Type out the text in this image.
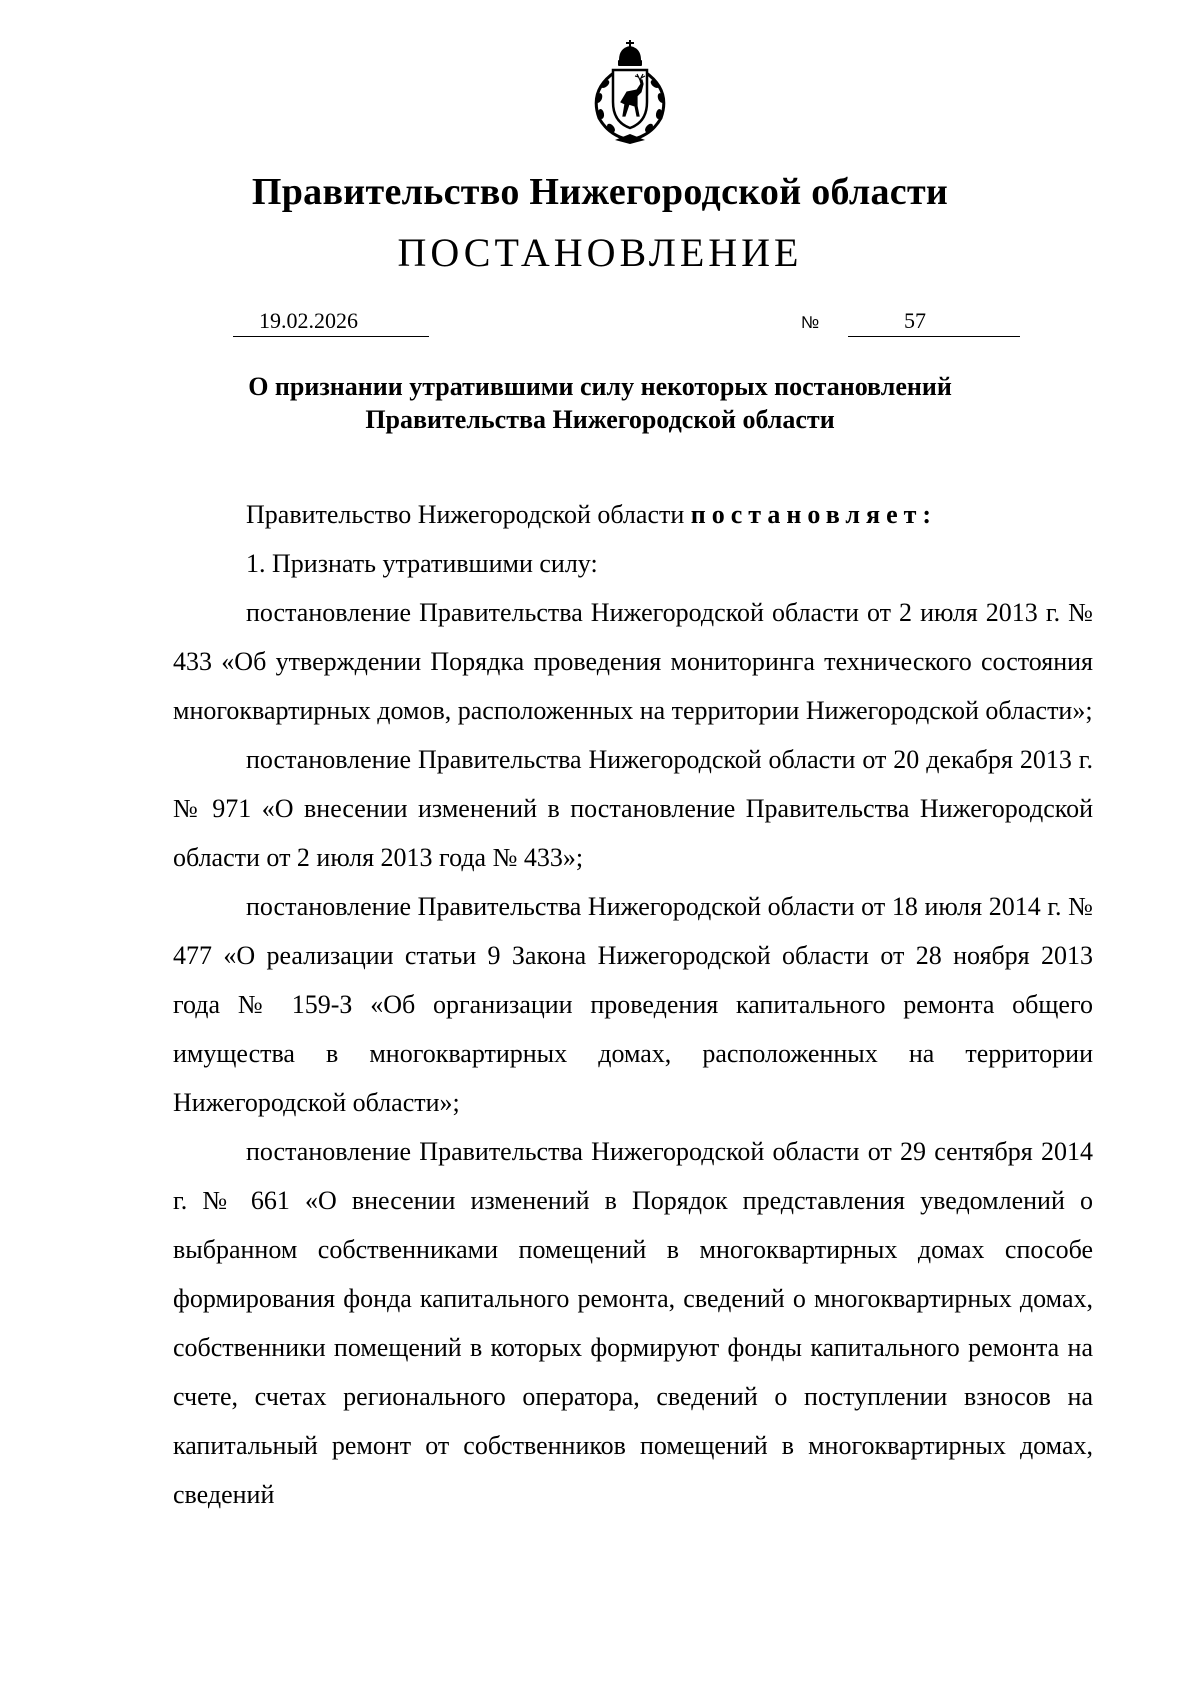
Правительство Нижегородской области
ПОСТАНОВЛЕНИЕ
19.02.2026	№	57
О признании утратившими силу некоторых постановлений
Правительства Нижегородской области

Правительство Нижегородской области постановляет:

1. Признать утратившими силу:

постановление Правительства Нижегородской области от 2 июля 2013 г. № 433 «Об утверждении Порядка проведения мониторинга технического состояния многоквартирных домов, расположенных на территории Нижегородской области»;

постановление Правительства Нижегородской области от 20 декабря 2013 г. № 971 «О внесении изменений в постановление Правительства Нижегородской области от 2 июля 2013 года № 433»;

постановление Правительства Нижегородской области от 18 июля 2014 г. № 477 «О реализации статьи 9 Закона Нижегородской области от 28 ноября 2013 года № 159-З «Об организации проведения капитального ремонта общего имущества в многоквартирных домах, расположенных на территории Нижегородской области»;

постановление Правительства Нижегородской области от 29 сентября 2014 г. № 661 «О внесении изменений в Порядок представления уведомлений о выбранном собственниками помещений в многоквартирных домах способе формирования фонда капитального ремонта, сведений о многоквартирных домах, собственники помещений в которых формируют фонды капитального ремонта на счете, счетах регионального оператора, сведений о поступлении взносов на капитальный ремонт от собственников помещений в многоквартирных домах, сведений
